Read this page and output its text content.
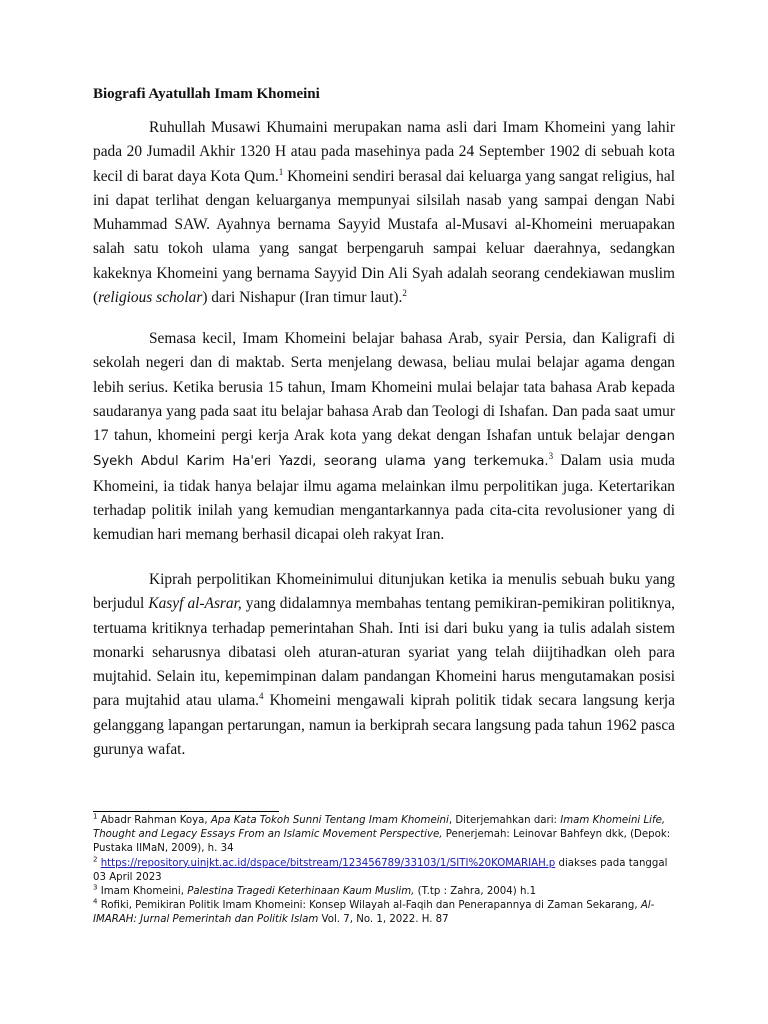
Biografi Ayatullah Imam Khomeini

Ruhullah Musawi Khumaini merupakan nama asli dari Imam Khomeini yang lahir pada 20 Jumadil Akhir 1320 H atau pada masehinya pada 24 September 1902 di sebuah kota kecil di barat daya Kota Qum.$^1$ Khomeini sendiri berasal dai keluarga yang sangat religius, hal ini dapat terlihat dengan keluarganya mempunyai silsilah nasab yang sampai dengan Nabi Muhammad SAW. Ayahnya bernama Sayyid Mustafa al-Musavi al-Khomeini meruapakan salah satu tokoh ulama yang sangat berpengaruh sampai keluar daerahnya, sedangkan kakeknya Khomeini yang bernama Sayyid Din Ali Syah adalah seorang cendekiawan muslim (religious scholar) dari Nishapur (Iran timur laut).$^2$

Semasa kecil, Imam Khomeini belajar bahasa Arab, syair Persia, dan Kaligrafi di sekolah negeri dan di maktab. Serta menjelang dewasa, beliau mulai belajar agama dengan lebih serius. Ketika berusia 15 tahun, Imam Khomeini mulai belajar tata bahasa Arab kepada saudaranya yang pada saat itu belajar bahasa Arab dan Teologi di Ishafan. Dan pada saat umur 17 tahun, khomeini pergi kerja Arak kota yang dekat dengan Ishafan untuk belajar dengan Syekh Abdul Karim Ha'eri Yazdi, seorang ulama yang terkemuka.$^3$ Dalam usia muda Khomeini, ia tidak hanya belajar ilmu agama melainkan ilmu perpolitikan juga. Ketertarikan terhadap politik inilah yang kemudian mengantarkannya pada cita-cita revolusioner yang di kemudian hari memang berhasil dicapai oleh rakyat Iran.

Kiprah perpolitikan Khomeinimului ditunjukan ketika ia menulis sebuah buku yang berjudul Kasyf al-Asrar, yang didalamnya membahas tentang pemikiran-pemikiran politiknya, tertuama kritiknya terhadap pemerintahan Shah. Inti isi dari buku yang ia tulis adalah sistem monarki seharusnya dibatasi oleh aturan-aturan syariat yang telah diijtihadkan oleh para mujtahid. Selain itu, kepemimpinan dalam pandangan Khomeini harus mengutamakan posisi para mujtahid atau ulama.$^4$ Khomeini mengawali kiprah politik tidak secara langsung kerja gelanggang lapangan pertarungan, namun ia berkiprah secara langsung pada tahun 1962 pasca gurunya wafat.

$^1$ Abadr Rahman Koya, Apa Kata Tokoh Sunni Tentang Imam Khomeini, Diterjemahkan dari: Imam Khomeini Life, Thought and Legacy Essays From an Islamic Movement Perspective, Penerjemah: Leinovar Bahfeyn dkk, (Depok: Pustaka IIMaN, 2009), h. 34

$^2$ https://repository.uinjkt.ac.id/dspace/bitstream/123456789/33103/1/SITI%20KOMARIAH.p diakses pada tanggal 03 April 2023

$^3$ Imam Khomeini, Palestina Tragedi Keterhinaan Kaum Muslim, (T.tp : Zahra, 2004) h.1

$^4$ Rofiki, Pemikiran Politik Imam Khomeini: Konsep Wilayah al-Faqih dan Penerapannya di Zaman Sekarang, Al-IMARAH: Jurnal Pemerintah dan Politik Islam Vol. 7, No. 1, 2022. H. 87
